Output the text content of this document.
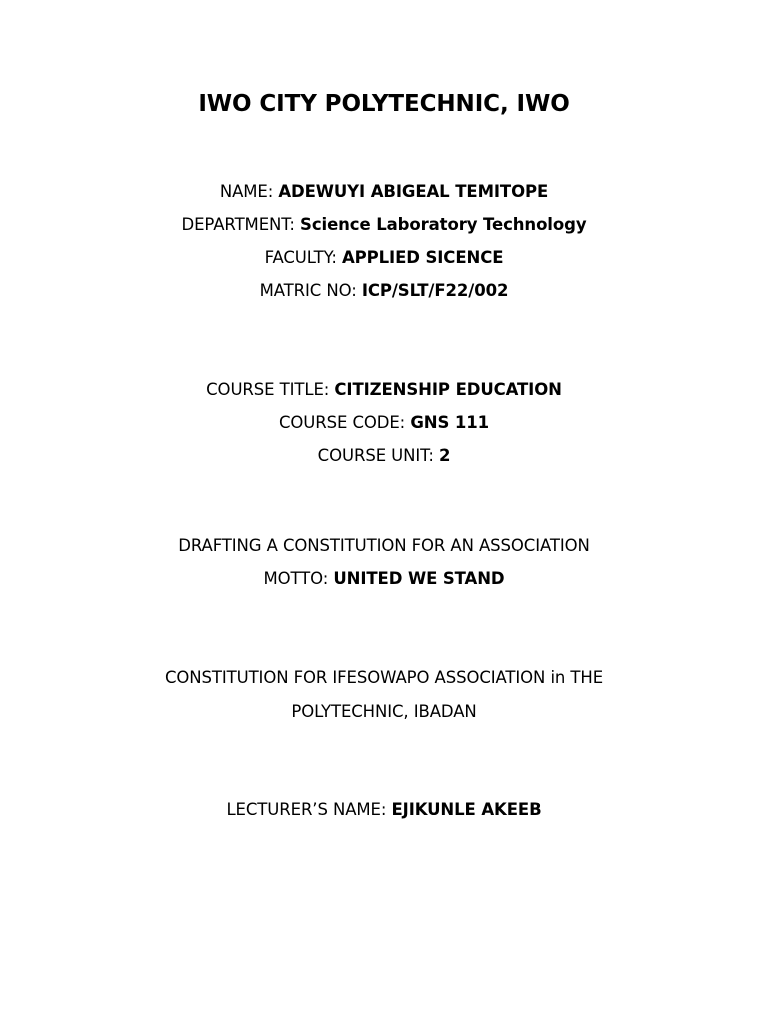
IWO CITY POLYTECHNIC, IWO
NAME: ADEWUYI ABIGEAL TEMITOPE
DEPARTMENT: Science Laboratory Technology
FACULTY: APPLIED SICENCE
MATRIC NO: ICP/SLT/F22/002
COURSE TITLE: CITIZENSHIP EDUCATION
COURSE CODE: GNS 111
COURSE UNIT: 2
DRAFTING A CONSTITUTION FOR AN ASSOCIATION
MOTTO: UNITED WE STAND
CONSTITUTION FOR IFESOWAPO ASSOCIATION in THE
POLYTECHNIC, IBADAN
LECTURER’S NAME: EJIKUNLE AKEEB
